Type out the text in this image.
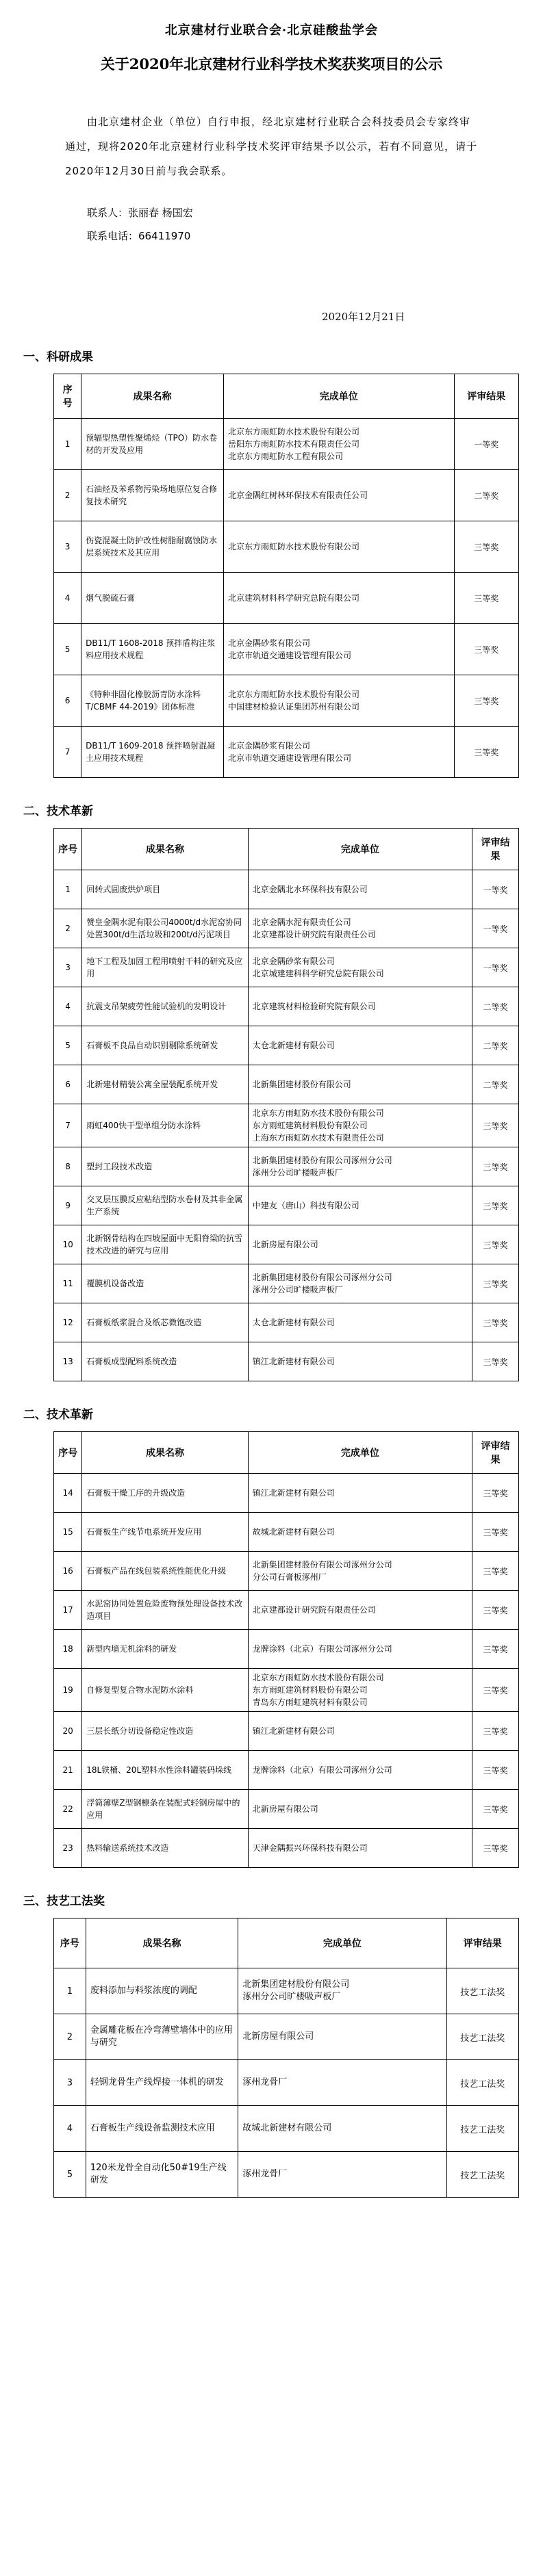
北京建材行业联合会·北京硅酸盐学会
关于2020年北京建材行业科学技术奖获奖项目的公示
由北京建材企业（单位）自行申报，经北京建材行业联合会科技委员会专家终审通过，现将2020年北京建材行业科学技术奖评审结果予以公示，若有不同意见，请于2020年12月30日前与我会联系。
联系人：张丽春 杨国宏
联系电话：66411970
2020年12月21日
一、科研成果
序号	成果名称	完成单位	评审结果
1	预辐型热塑性聚烯烃（TPO）防水卷材的开发及应用	北京东方雨虹防水技术股份有限公司
岳阳东方雨虹防水技术有限责任公司
北京东方雨虹防水工程有限公司	一等奖
2	石油烃及苯系物污染场地原位复合修复技术研究	北京金隅红树林环保技术有限责任公司	二等奖
3	伤瓷混凝土防护改性树脂耐腐蚀防水层系统技术及其应用	北京东方雨虹防水技术股份有限公司	三等奖
4	烟气脱硫石膏	北京建筑材料科学研究总院有限公司	三等奖
5	DB11/T 1608-2018 预拌盾构注浆料应用技术规程	北京金隅砂浆有限公司
北京市轨道交通建设管理有限公司	三等奖
6	《特种非固化橡胶沥青防水涂料 T/CBMF 44-2019》团体标准	北京东方雨虹防水技术股份有限公司
中国建材检验认证集团苏州有限公司	三等奖
7	DB11/T 1609-2018 预拌喷射混凝土应用技术规程	北京金隅砂浆有限公司
北京市轨道交通建设管理有限公司	三等奖
二、技术革新
序号	成果名称	完成单位	评审结果
1	回转式圆废烘炉项目	北京金隅北水环保科技有限公司	一等奖
2	赞皇金隅水泥有限公司4000t/d水泥窑协同处置300t/d生活垃圾和200t/d污泥项目	北京金隅水泥有限责任公司
北京建都设计研究院有限责任公司	一等奖
3	地下工程及加固工程用喷射干料的研究及应用	北京金隅砂浆有限公司
北京城建建科科学研究总院有限公司	一等奖
4	抗震支吊架疲劳性能试验机的发明设计	北京建筑材料检验研究院有限公司	二等奖
5	石膏板不良品自动识别剔除系统研发	太仓北新建材有限公司	二等奖
6	北新建材精装公寓全屋装配系统开发	北新集团建材股份有限公司	二等奖
7	雨虹400快干型单组分防水涂料	北京东方雨虹防水技术股份有限公司
东方雨虹建筑材料股份有限公司
上海东方雨虹防水技术有限责任公司	三等奖
8	塑封工段技术改造	北新集团建材股份有限公司涿州分公司
涿州分公司旷楼吸声板厂	三等奖
9	交叉层压膜反应粘结型防水卷材及其非金属生产系统	中建友（唐山）科技有限公司	三等奖
10	北新钢骨结构在四坡屋面中无阳脊梁的抗雪技术改进的研究与应用	北新房屋有限公司	三等奖
11	覆膜机设备改造	北新集团建材股份有限公司涿州分公司
涿州分公司旷楼吸声板厂	三等奖
12	石膏板纸浆混合及纸芯微饱改造	太仓北新建材有限公司	三等奖
13	石膏板成型配料系统改造	镇江北新建材有限公司	三等奖
二、技术革新
序号	成果名称	完成单位	评审结果
14	石膏板干燥工序的升级改造	镇江北新建材有限公司	三等奖
15	石膏板生产线节电系统开发应用	故城北新建材有限公司	三等奖
16	石膏板产品在线包装系统性能优化升级	北新集团建材股份有限公司涿州分公司
分公司石膏板涿州厂	三等奖
17	水泥窑协同处置危险废物预处理设备技术改造项目	北京建都设计研究院有限责任公司	三等奖
18	新型内墙无机涂料的研发	龙牌涂料（北京）有限公司涿州分公司	三等奖
19	自修复型复合物水泥防水涂料	北京东方雨虹防水技术股份有限公司
东方雨虹建筑材料股份有限公司
青岛东方雨虹建筑材料有限公司	三等奖
20	三层长纸分切设备稳定性改造	镇江北新建材有限公司	三等奖
21	18L铁桶、20L塑料水性涂料罐装码垛线	龙牌涂料（北京）有限公司涿州分公司	三等奖
22	浮筒薄壁Z型钢檩条在装配式轻钢房屋中的应用	北新房屋有限公司	三等奖
23	热料输送系统技术改造	天津金隅振兴环保科技有限公司	三等奖
三、技艺工法奖
序号	成果名称	完成单位	评审结果
1	废料添加与料浆浓度的调配	北新集团建材股份有限公司
涿州分公司旷楼吸声板厂	技艺工法奖
2	金属雕花板在冷弯薄壁墙体中的应用与研究	北新房屋有限公司	技艺工法奖
3	轻钢龙骨生产线焊接一体机的研发	涿州龙骨厂	技艺工法奖
4	石膏板生产线设备监测技术应用	故城北新建材有限公司	技艺工法奖
5	120米龙骨全自动化50#19生产线研发	涿州龙骨厂	技艺工法奖
